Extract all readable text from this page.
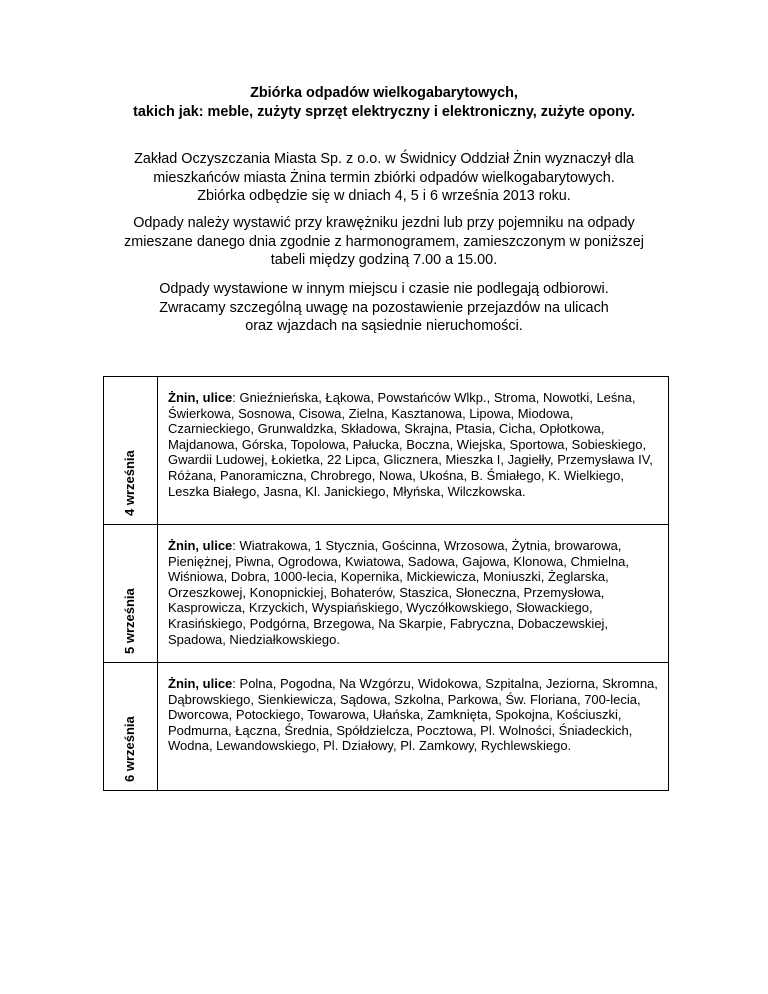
Zbiórka odpadów wielkogabarytowych,
takich jak: meble, zużyty sprzęt elektryczny i elektroniczny, zużyte opony.
Zakład Oczyszczania Miasta Sp. z o.o. w Świdnicy Oddział Żnin wyznaczył dla
mieszkańców miasta Żnina termin zbiórki odpadów wielkogabarytowych.
Zbiórka odbędzie się w dniach 4, 5 i 6 września 2013 roku.
Odpady należy wystawić przy krawężniku jezdni lub przy pojemniku na odpady
zmieszane danego dnia zgodnie z harmonogramem, zamieszczonym w poniższej
tabeli między godziną 7.00 a 15.00.
Odpady wystawione w innym miejscu i czasie nie podlegają odbiorowi.
Zwracamy szczególną uwagę na pozostawienie przejazdów na ulicach
oraz wjazdach na sąsiednie nieruchomości.
4 września	Żnin, ulice: Gnieźnieńska, Łąkowa, Powstańców Wlkp., Stroma, Nowotki, Leśna, Świerkowa, Sosnowa, Cisowa, Zielna, Kasztanowa, Lipowa, Miodowa, Czarnieckiego, Grunwaldzka, Składowa, Skrajna, Ptasia, Cicha, Opłotkowa, Majdanowa, Górska, Topolowa, Pałucka, Boczna, Wiejska, Sportowa, Sobieskiego, Gwardii Ludowej, Łokietka, 22 Lipca, Glicznera, Mieszka I, Jagiełły, Przemysława IV, Różana, Panoramiczna, Chrobrego, Nowa, Ukośna, B. Śmiałego, K. Wielkiego, Leszka Białego, Jasna, Kl. Janickiego, Młyńska, Wilczkowska.

5 września	Żnin, ulice: Wiatrakowa, 1 Stycznia, Gościnna, Wrzosowa, Żytnia, browarowa, Pieniężnej, Piwna, Ogrodowa, Kwiatowa, Sadowa, Gajowa, Klonowa, Chmielna, Wiśniowa, Dobra, 1000-lecia, Kopernika, Mickiewicza, Moniuszki, Żeglarska, Orzeszkowej, Konopnickiej, Bohaterów, Staszica, Słoneczna, Przemysłowa, Kasprowicza, Krzyckich, Wyspiańskiego, Wyczółkowskiego, Słowackiego, Krasińskiego, Podgórna, Brzegowa, Na Skarpie, Fabryczna, Dobaczewskiej, Spadowa, Niedziałkowskiego.

6 września	Żnin, ulice: Polna, Pogodna, Na Wzgórzu, Widokowa, Szpitalna, Jeziorna, Skromna, Dąbrowskiego, Sienkiewicza, Sądowa, Szkolna, Parkowa, Św. Floriana, 700-lecia, Dworcowa, Potockiego, Towarowa, Ułańska, Zamknięta, Spokojna, Kościuszki, Podmurna, Łączna, Średnia, Spółdzielcza, Pocztowa, Pl. Wolności, Śniadeckich, Wodna, Lewandowskiego, Pl. Działowy, Pl. Zamkowy, Rychlewskiego.
